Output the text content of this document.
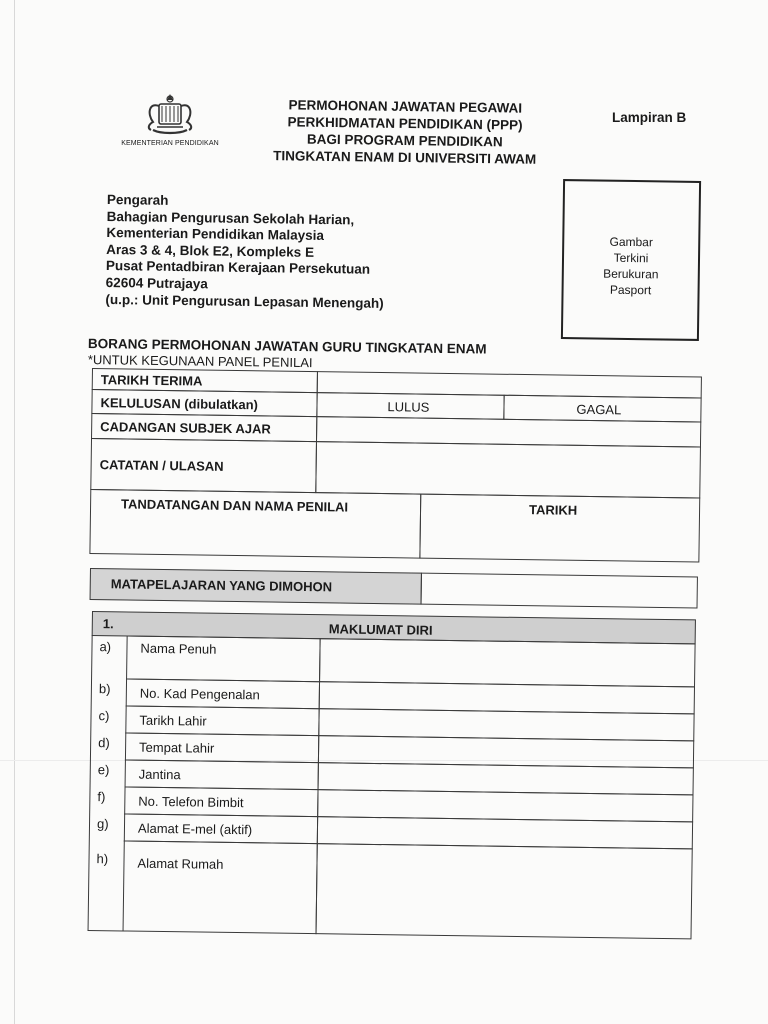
KEMENTERIAN PENDIDIKAN
PERMOHONAN JAWATAN PEGAWAI
PERKHIDMATAN PENDIDIKAN (PPP)
BAGI PROGRAM PENDIDIKAN
TINGKATAN ENAM DI UNIVERSITI AWAM
Lampiran B
Pengarah
Bahagian Pengurusan Sekolah Harian,
Kementerian Pendidikan Malaysia
Aras 3 & 4, Blok E2, Kompleks E
Pusat Pentadbiran Kerajaan Persekutuan
62604 Putrajaya
(u.p.: Unit Pengurusan Lepasan Menengah)
Gambar
Terkini
Berukuran
Pasport
BORANG PERMOHONAN JAWATAN GURU TINGKATAN ENAM
*UNTUK KEGUNAAN PANEL PENILAI
TARIKH TERIMA
KELULUSAN (dibulatkan)	LULUS	GAGAL
CADANGAN SUBJEK AJAR
CATATAN / ULASAN
TANDATANGAN DAN NAMA PENILAI	TARIKH
MATAPELAJARAN YANG DIMOHON
1.	MAKLUMAT DIRI
a) Nama Penuh
b) No. Kad Pengenalan
c) Tarikh Lahir
d) Tempat Lahir
e) Jantina
f)	No. Telefon Bimbit
g) Alamat E-mel (aktif)
h) Alamat Rumah
